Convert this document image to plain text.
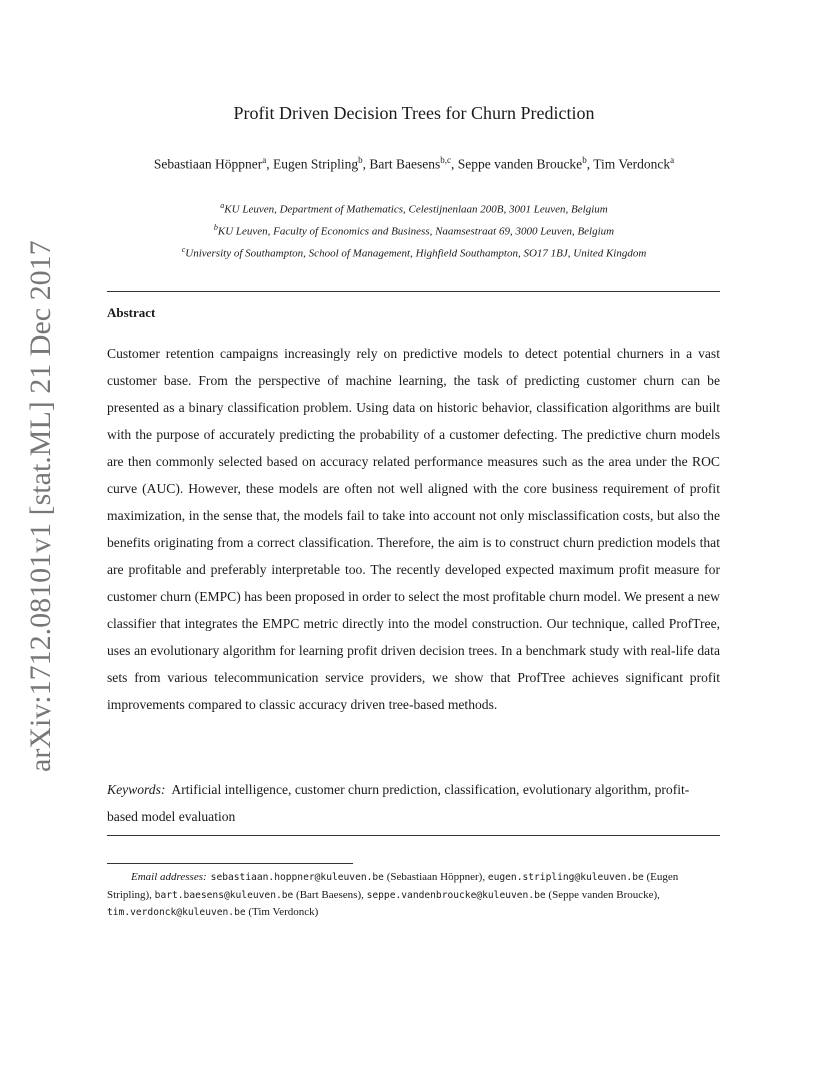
arXiv:1712.08101v1 [stat.ML] 21 Dec 2017
Profit Driven Decision Trees for Churn Prediction
Sebastiaan Höppner$^a$, Eugen Stripling$^b$, Bart Baesens$^{b,c}$, Seppe vanden Broucke$^b$, Tim Verdonck$^a$
$^a$KU Leuven, Department of Mathematics, Celestijnenlaan 200B, 3001 Leuven, Belgium
$^b$KU Leuven, Faculty of Economics and Business, Naamsestraat 69, 3000 Leuven, Belgium
$^c$University of Southampton, School of Management, Highfield Southampton, SO17 1BJ, United Kingdom
Abstract
Customer retention campaigns increasingly rely on predictive models to detect potential churners in a vast customer base. From the perspective of machine learning, the task of predicting customer churn can be presented as a binary classification problem. Using data on historic behavior, classification algorithms are built with the purpose of accurately predicting the probability of a customer defecting. The predictive churn models are then commonly selected based on accuracy related performance measures such as the area under the ROC curve (AUC). However, these models are often not well aligned with the core business requirement of profit maximization, in the sense that, the models fail to take into account not only misclassification costs, but also the benefits originating from a correct classification. Therefore, the aim is to construct churn prediction models that are profitable and preferably interpretable too. The recently developed expected maximum profit measure for customer churn (EMPC) has been proposed in order to select the most profitable churn model. We present a new classifier that integrates the EMPC metric directly into the model construction. Our technique, called ProfTree, uses an evolutionary algorithm for learning profit driven decision trees. In a benchmark study with real-life data sets from various telecommunication service providers, we show that ProfTree achieves significant profit improvements compared to classic accuracy driven tree-based methods.
Keywords: Artificial intelligence, customer churn prediction, classification, evolutionary algorithm, profit-based model evaluation
Email addresses: sebastiaan.hoppner@kuleuven.be (Sebastiaan Höppner), eugen.stripling@kuleuven.be (Eugen Stripling), bart.baesens@kuleuven.be (Bart Baesens), seppe.vandenbroucke@kuleuven.be (Seppe vanden Broucke), tim.verdonck@kuleuven.be (Tim Verdonck)
